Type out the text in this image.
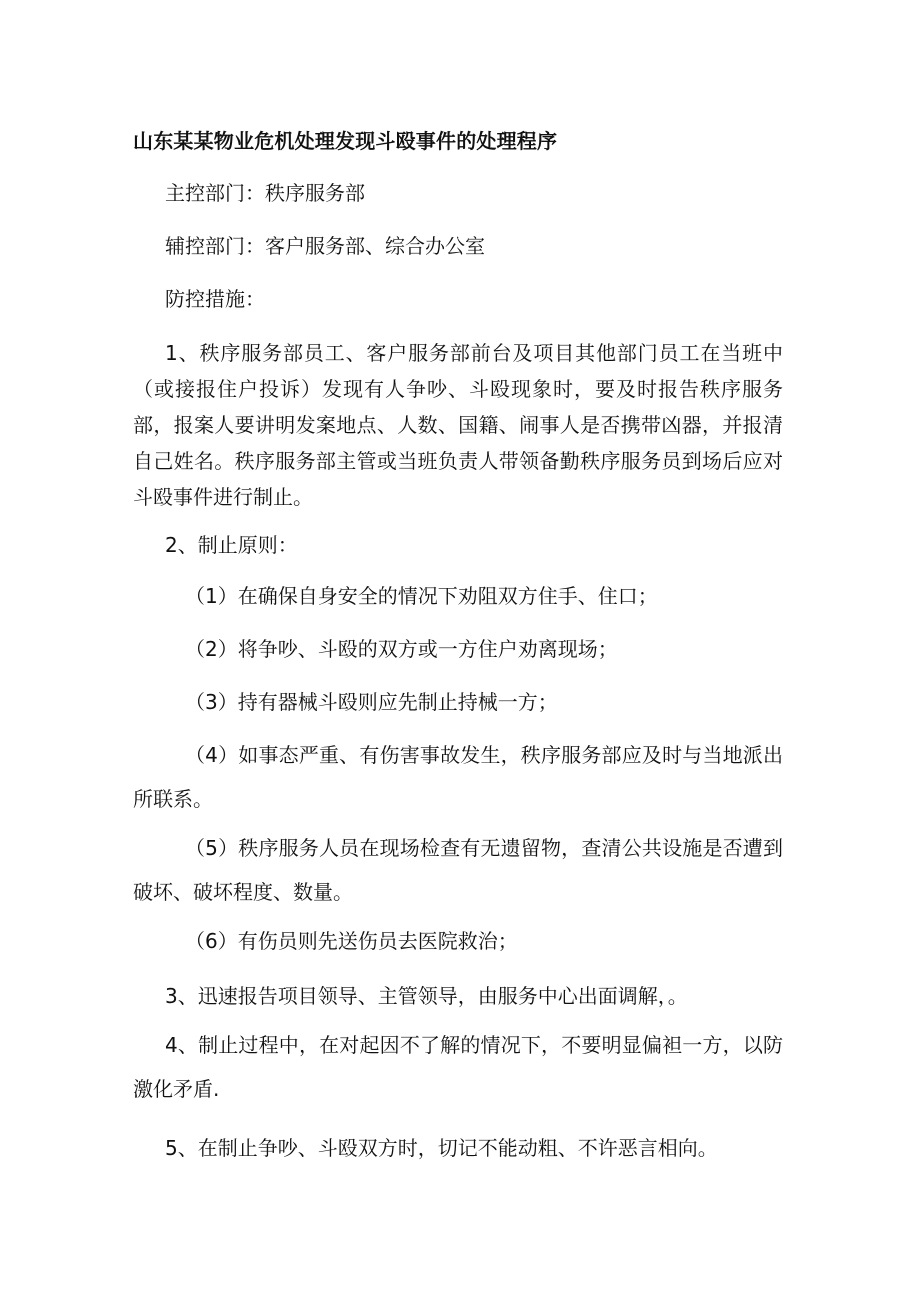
山东某某物业危机处理发现斗殴事件的处理程序

主控部门：秩序服务部

辅控部门：客户服务部、综合办公室

防控措施：

1、秩序服务部员工、客户服务部前台及项目其他部门员工在当班中（或接报住户投诉）发现有人争吵、斗殴现象时，要及时报告秩序服务部，报案人要讲明发案地点、人数、国籍、闹事人是否携带凶器，并报清自己姓名。秩序服务部主管或当班负责人带领备勤秩序服务员到场后应对斗殴事件进行制止。

2、制止原则：

（1）在确保自身安全的情况下劝阻双方住手、住口；

（2）将争吵、斗殴的双方或一方住户劝离现场；

（3）持有器械斗殴则应先制止持械一方；

（4）如事态严重、有伤害事故发生，秩序服务部应及时与当地派出所联系。

（5）秩序服务人员在现场检查有无遗留物，查清公共设施是否遭到破坏、破坏程度、数量。

（6）有伤员则先送伤员去医院救治；

3、迅速报告项目领导、主管领导，由服务中心出面调解，。

4、制止过程中，在对起因不了解的情况下，不要明显偏袒一方，以防激化矛盾.

5、在制止争吵、斗殴双方时，切记不能动粗、不许恶言相向。
